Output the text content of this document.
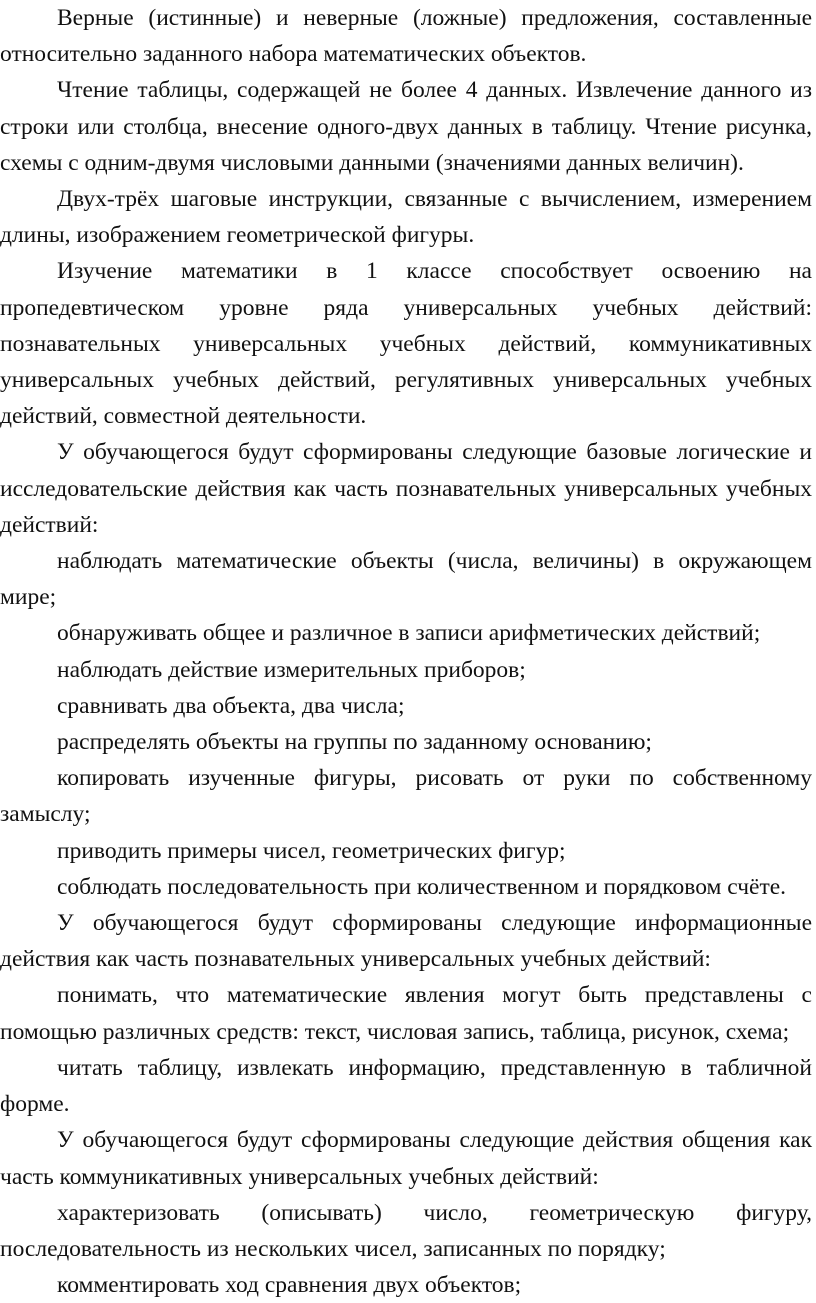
Верные (истинные) и неверные (ложные) предложения, составленные относительно заданного набора математических объектов.

Чтение таблицы, содержащей не более 4 данных. Извлечение данного из строки или столбца, внесение одного-двух данных в таблицу. Чтение рисунка, схемы с одним-двумя числовыми данными (значениями данных величин).

Двух-трёх шаговые инструкции, связанные с вычислением, измерением длины, изображением геометрической фигуры.

Изучение математики в 1 классе способствует освоению на пропедевтическом уровне ряда универсальных учебных действий: познавательных универсальных учебных действий, коммуникативных универсальных учебных действий, регулятивных универсальных учебных действий, совместной деятельности.

У обучающегося будут сформированы следующие базовые логические и исследовательские действия как часть познавательных универсальных учебных действий:

наблюдать математические объекты (числа, величины) в окружающем мире;

обнаруживать общее и различное в записи арифметических действий;

наблюдать действие измерительных приборов;

сравнивать два объекта, два числа;

распределять объекты на группы по заданному основанию;

копировать изученные фигуры, рисовать от руки по собственному замыслу;

приводить примеры чисел, геометрических фигур;

соблюдать последовательность при количественном и порядковом счёте.

У обучающегося будут сформированы следующие информационные действия как часть познавательных универсальных учебных действий:

понимать, что математические явления могут быть представлены с помощью различных средств: текст, числовая запись, таблица, рисунок, схема;

читать таблицу, извлекать информацию, представленную в табличной форме.

У обучающегося будут сформированы следующие действия общения как часть коммуникативных универсальных учебных действий:

характеризовать (описывать) число, геометрическую фигуру, последовательность из нескольких чисел, записанных по порядку;

комментировать ход сравнения двух объектов;
